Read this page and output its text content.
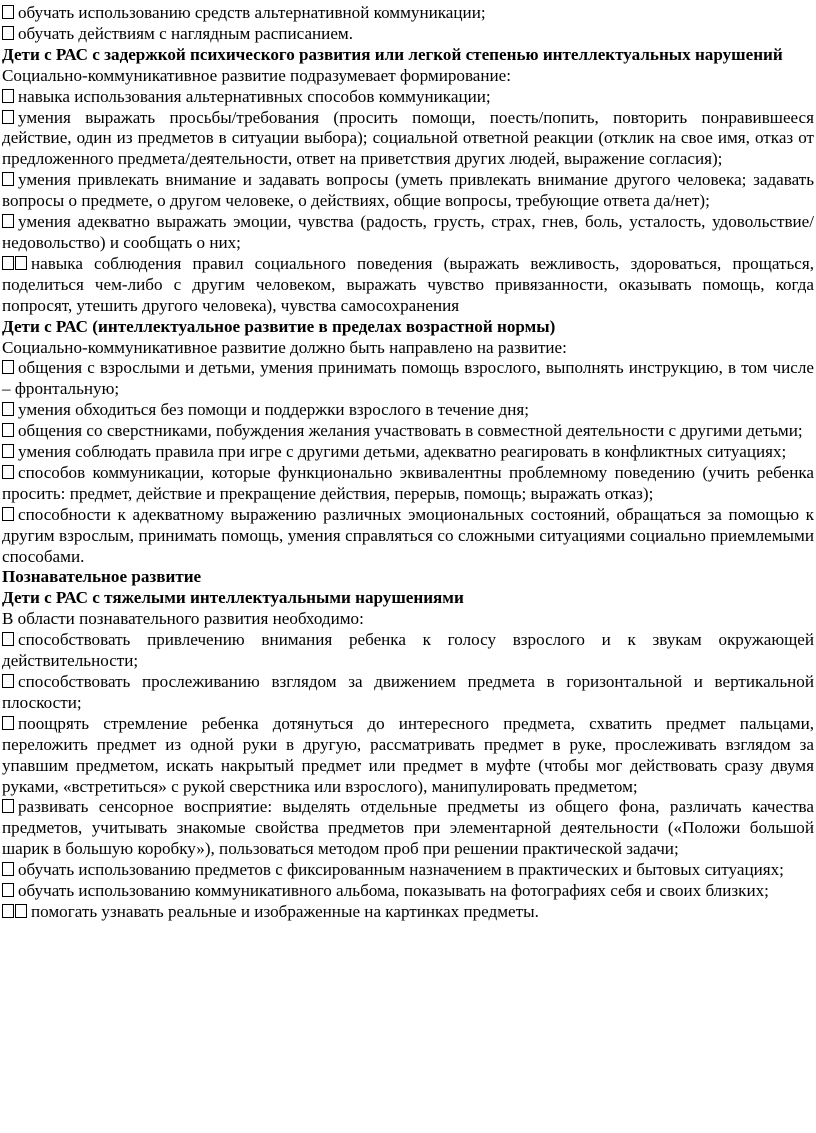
обучать использованию средств альтернативной коммуникации;

обучать действиям с наглядным расписанием.

Дети с РАС с задержкой психического развития или легкой степенью интеллектуальных нарушений

Социально-коммуникативное развитие подразумевает формирование:

навыка использования альтернативных способов коммуникации;

умения выражать просьбы/требования (просить помощи, поесть/попить, повторить понравившееся действие, один из предметов в ситуации выбора); социальной ответной реакции (отклик на свое имя, отказ от предложенного предмета/деятельности, ответ на приветствия других людей, выражение согласия);

умения привлекать внимание и задавать вопросы (уметь привлекать внимание другого человека; задавать вопросы о предмете, о другом человеке, о действиях, общие вопросы, требующие ответа да/нет);

умения адекватно выражать эмоции, чувства (радость, грусть, страх, гнев, боль, усталость, удовольствие/недовольство) и сообщать о них;

навыка соблюдения правил социального поведения (выражать вежливость, здороваться, прощаться, поделиться чем-либо с другим человеком, выражать чувство привязанности, оказывать помощь, когда попросят, утешить другого человека), чувства самосохранения

Дети с РАС (интеллектуальное развитие в пределах возрастной нормы)

Социально-коммуникативное развитие должно быть направлено на развитие:

общения с взрослыми и детьми, умения принимать помощь взрослого, выполнять инструкцию, в том числе – фронтальную;

умения обходиться без помощи и поддержки взрослого в течение дня;

общения со сверстниками, побуждения желания участвовать в совместной деятельности с другими детьми;

умения соблюдать правила при игре с другими детьми, адекватно реагировать в конфликтных ситуациях;

способов коммуникации, которые функционально эквивалентны проблемному поведению (учить ребенка просить: предмет, действие и прекращение действия, перерыв, помощь; выражать отказ);

способности к адекватному выражению различных эмоциональных состояний, обращаться за помощью к другим взрослым, принимать помощь, умения справляться со сложными ситуациями социально приемлемыми способами.

Познавательное развитие

Дети с РАС с тяжелыми интеллектуальными нарушениями

В области познавательного развития необходимо:

способствовать привлечению внимания ребенка к голосу взрослого и к звукам окружающей действительности;

способствовать прослеживанию взглядом за движением предмета в горизонтальной и вертикальной плоскости;

поощрять стремление ребенка дотянуться до интересного предмета, схватить предмет пальцами, переложить предмет из одной руки в другую, рассматривать предмет в руке, прослеживать взглядом за упавшим предметом, искать накрытый предмет или предмет в муфте (чтобы мог действовать сразу двумя руками, «встретиться» с рукой сверстника или взрослого), манипулировать предметом;

развивать сенсорное восприятие: выделять отдельные предметы из общего фона, различать качества предметов, учитывать знакомые свойства предметов при элементарной деятельности («Положи большой шарик в большую коробку»), пользоваться методом проб при решении практической задачи;

обучать использованию предметов с фиксированным назначением в практических и бытовых ситуациях;

обучать использованию коммуникативного альбома, показывать на фотографиях себя и своих близких;

помогать узнавать реальные и изображенные на картинках предметы.
